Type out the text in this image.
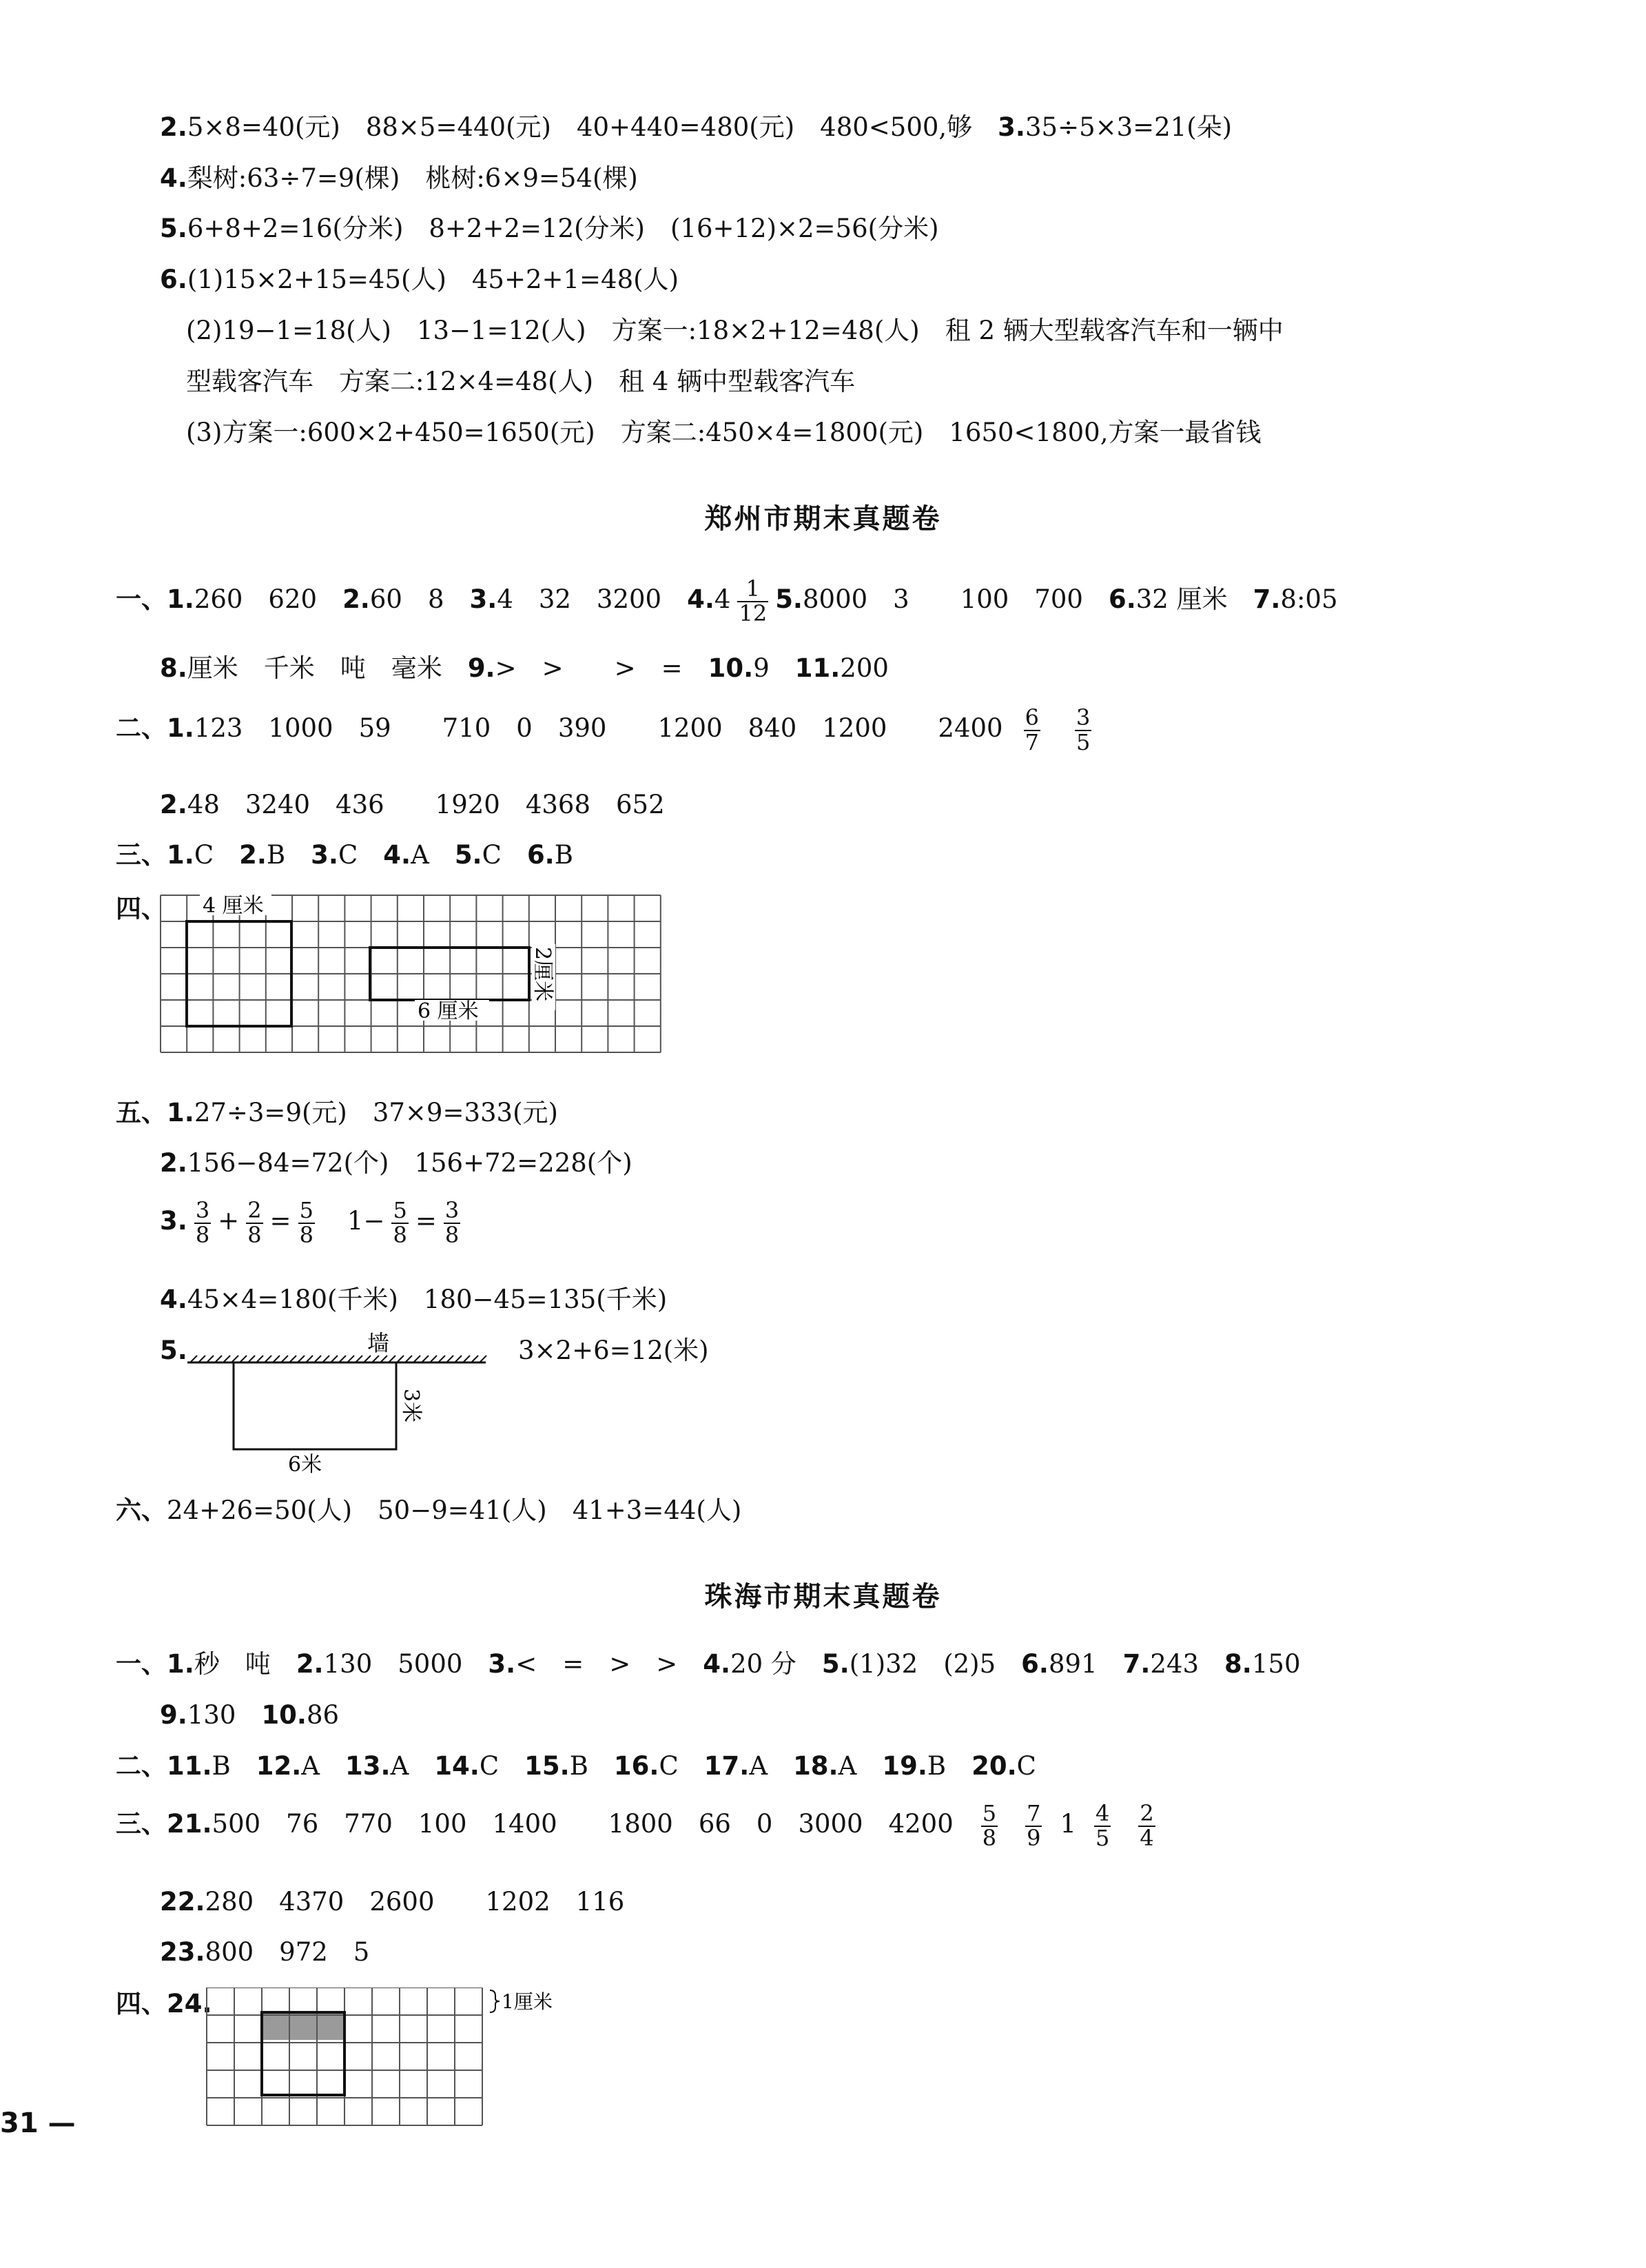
2.5×8=40(元)　88×5=440(元)　40+440=480(元)　480<500,够　 3.35÷5×3=21(朵)
4.梨树:63÷7=9(棵)　桃树:6×9=54(棵)
5.6+8+2=16(分米)　8+2+2=12(分米)　(16+12)×2=56(分米)
6.(1)15×2+15=45(人)　45+2+1=48(人)
(2)19−1=18(人)　13−1=12(人)　方案一:18×2+12=48(人)　租 2 辆大型载客汽车和一辆中
型载客汽车　方案二:12×4=48(人)　租 4 辆中型载客汽车
(3)方案一:600×2+450=1650(元)　方案二:450×4=1800(元)　1650<1800,方案一最省钱
郑州市期末真题卷
一、1.260　620　 2.60　8　 3.4　32　3200　 $4.4 \frac{1}{12} 5.8000$　3　　100　700　 6.32 厘米　 7.8:05
8.厘米　千米　吨　毫米　 9.>　>　　>　=　 10.9　 11.200
二、1.123　1000　59　　710　0　390　　1200　840　1200　　$2400 \frac{6}{7} \frac{3}{5}$
2.48　3240　436　　1920　4368　652
三、1.C　 2.B　 3.C　 4.A　 5.C　 6.B
四、 4 厘米
6 厘米
2厘米
五、1.27÷3=9(元)　37×9=333(元)
2.156−84=72(个)　156+72=228(个)
3. $\frac{3}{8} + \frac{2}{8} = \frac{5}{8}$
　 $1- \frac{5}{8} = \frac{3}{8}$
4.45×4=180(千米)　180−45=135(千米)
5.	墙
3米
6米
3×2+6=12(米)
六、24+26=50(人)　50−9=41(人)　41+3=44(人)
珠海市期末真题卷
一、1.秒　吨　 2.130　5000　 3.<　=　>　>　 4.20 分　 5.(1)32　(2)5　 6.891　 7.243　 8.150
9.130　 10.86
二、11.B　 12.A　 13.A　 14.C　 15.B　 16.C　 17.A　 18.A　 19.B　 20.C
三、21.500　76　770　100　1400　　1800　66　0　3000　$4200 \frac{5}{8} \frac{7}{9} 1 \frac{4}{5} \frac{2}{4}$
22.280　4370　2600　　1202　116
23.800　972　5
四、24.	1厘米
31 —
